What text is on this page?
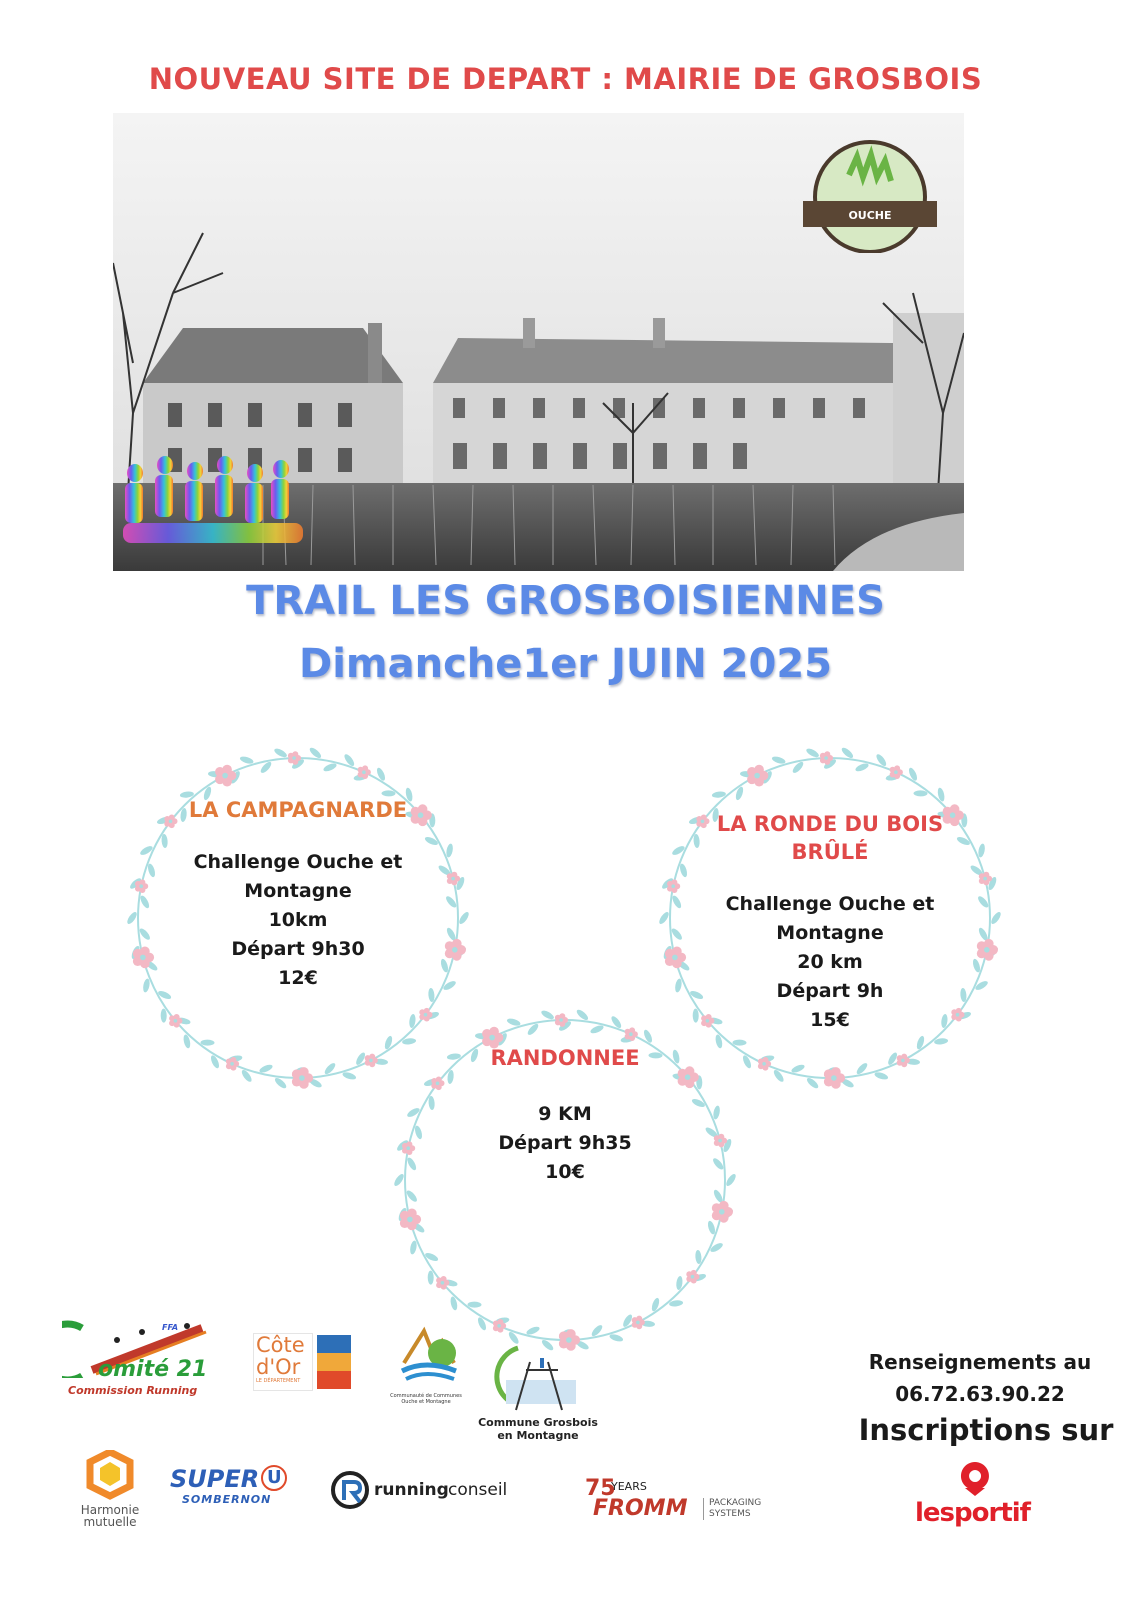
NOUVEAU SITE DE DEPART : MAIRIE DE GROSBOIS
OUCHE
TRAIL LES GROSBOISIENNES
Dimanche1er JUIN 2025
LA CAMPAGNARDE
Challenge Ouche et
Montagne
10km
Départ 9h30
12€
LA RONDE DU BOIS
BRÛLÉ
Challenge Ouche et
Montagne
20 km
Départ 9h
15€
RANDONNEE
9 KM
Départ 9h35
10€
FFA
omité 21
Commission Running
Côte
d'Or
LE DÉPARTEMENT
Communauté de Communes
Ouche et Montagne
Commune Grosbois
en Montagne
Renseignements au
06.72.63.90.22
Inscriptions sur
Harmonie
mutuelle
SUPER U
SOMBERNON	running conseil	75
YEARS
FROMM PACKAGING
SYSTEMS	lesportif
